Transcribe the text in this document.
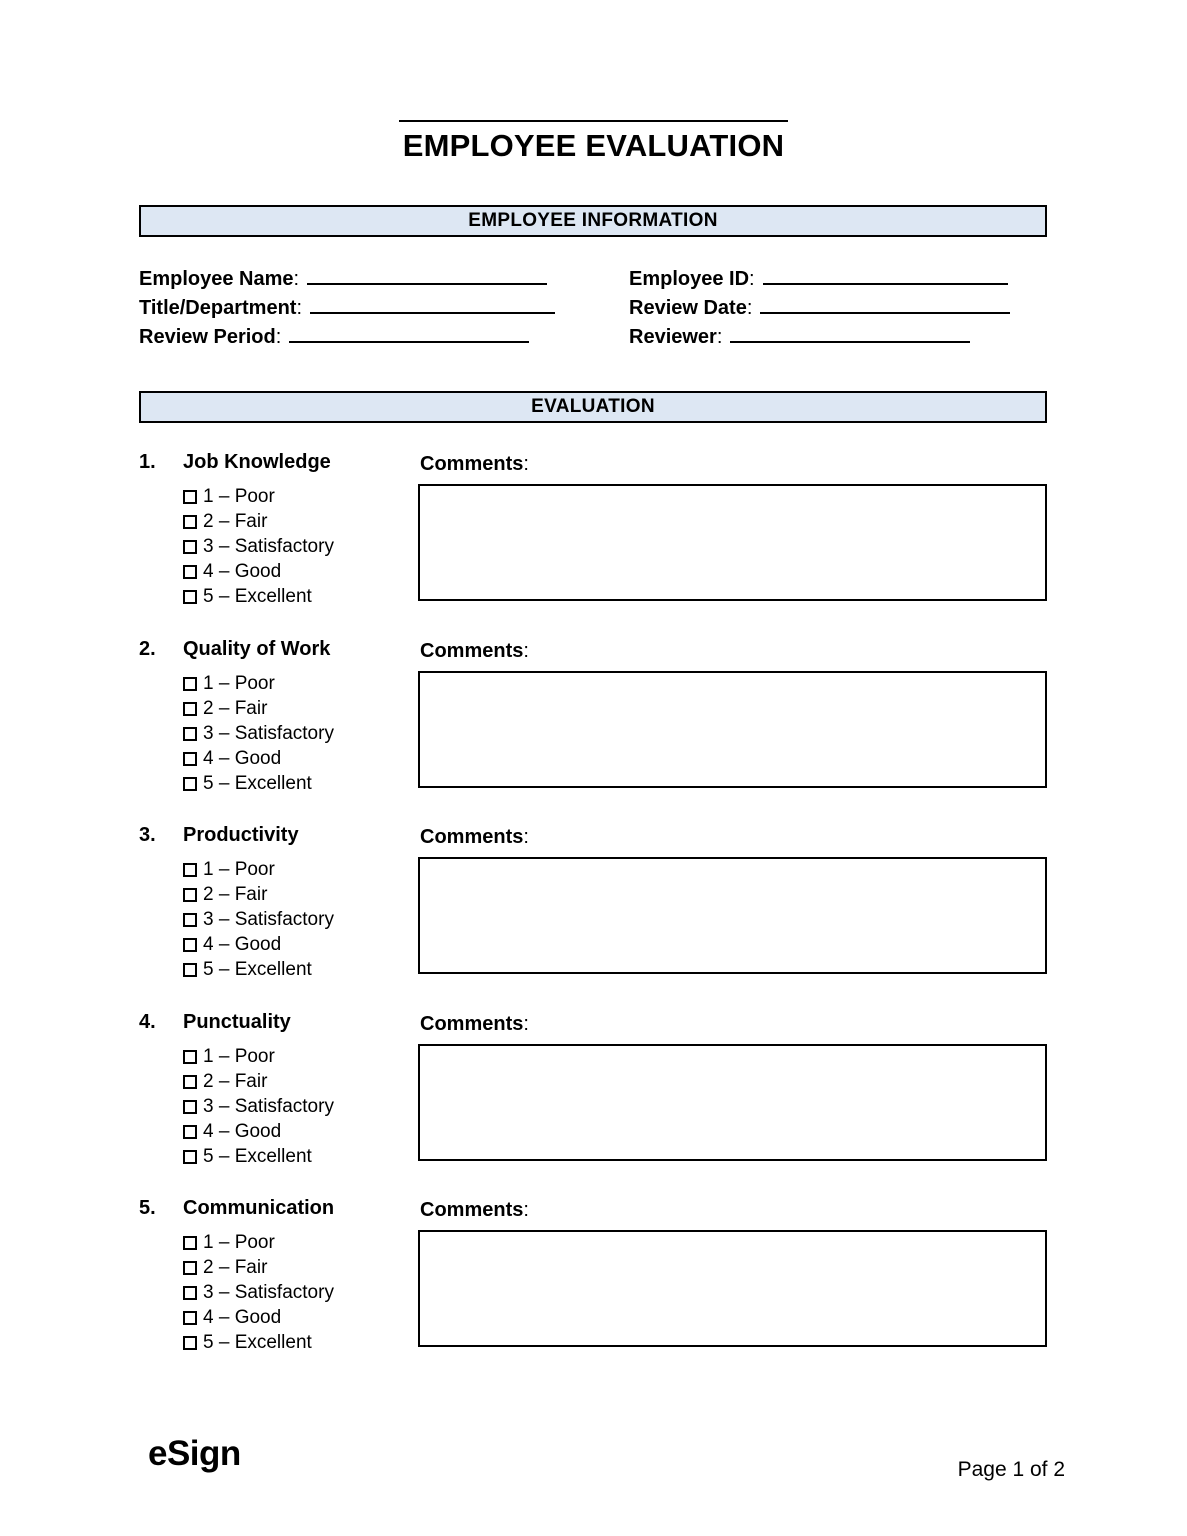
EMPLOYEE EVALUATION
EMPLOYEE INFORMATION
Employee Name :	Employee ID :
Title/Department :	Review Date :
Review Period :	Reviewer :
EVALUATION
1.	Job Knowledge
1 – Poor
2 – Fair
3 – Satisfactory
4 – Good
5 – Excellent
Comments:
2.	Quality of Work
1 – Poor
2 – Fair
3 – Satisfactory
4 – Good
5 – Excellent
Comments:
3.	Productivity
1 – Poor
2 – Fair
3 – Satisfactory
4 – Good
5 – Excellent
Comments:
4.	Punctuality
1 – Poor
2 – Fair
3 – Satisfactory
4 – Good
5 – Excellent
Comments:
5.	Communication
1 – Poor
2 – Fair
3 – Satisfactory
4 – Good
5 – Excellent
Comments:
eSign	Page 1 of 2
